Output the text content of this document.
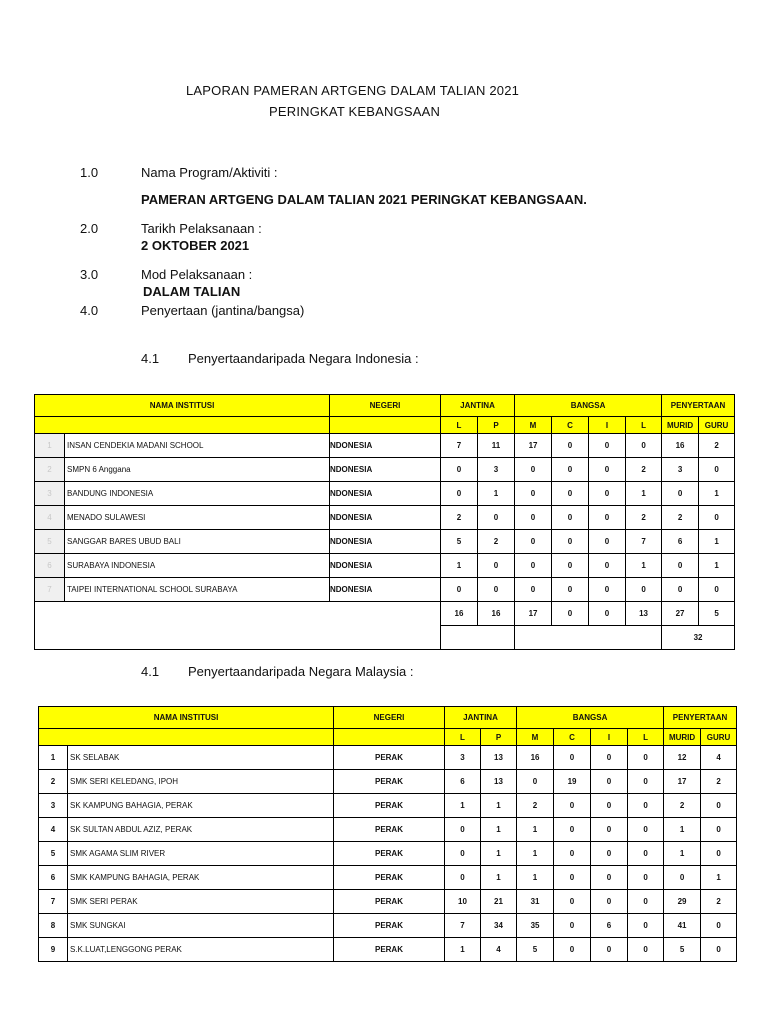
LAPORAN PAMERAN ARTGENG DALAM TALIAN 2021
PERINGKAT KEBANGSAAN
1.0	Nama Program/Aktiviti :
PAMERAN ARTGENG DALAM TALIAN 2021 PERINGKAT KEBANGSAAN.
2.0	Tarikh Pelaksanaan :
2 OKTOBER 2021
3.0	Mod Pelaksanaan :
DALAM TALIAN
4.0	Penyertaan (jantina/bangsa)
4.1 Penyertaandaripada Negara Indonesia :
NAMA INSTITUSI		NEGERI	JANTINA		BANGSA				PENYERTAAN	
			L	P	M	C	I	L	MURID	GURU
1	INSAN CENDEKIA MADANI SCHOOL	NDONESIA	7	11	17	0	0	0	16	2
2	SMPN 6 Anggana	NDONESIA	0	3	0	0	0	2	3	0
3	BANDUNG INDONESIA	NDONESIA	0	1	0	0	0	1	0	1
4	MENADO SULAWESI	NDONESIA	2	0	0	0	0	2	2	0
5	SANGGAR BARES UBUD BALI	NDONESIA	5	2	0	0	0	7	6	1
6	SURABAYA INDONESIA	NDONESIA	1	0	0	0	0	1	0	1
7	TAIPEI INTERNATIONAL SCHOOL SURABAYA	NDONESIA	0	0	0	0	0	0	0	0
			16	16	17	0	0	13	27	5
									32	
4.1 Penyertaandaripada Negara Malaysia :
NAMA INSTITUSI		NEGERI	JANTINA		BANGSA				PENYERTAAN	
			L	P	M	C	I	L	MURID	GURU
1	SK SELABAK	PERAK	3	13	16	0	0	0	12	4
2	SMK SERI KELEDANG, IPOH	PERAK	6	13	0	19	0	0	17	2
3	SK KAMPUNG BAHAGIA, PERAK	PERAK	1	1	2	0	0	0	2	0
4	SK SULTAN ABDUL AZIZ, PERAK	PERAK	0	1	1	0	0	0	1	0
5	SMK AGAMA SLIM RIVER	PERAK	0	1	1	0	0	0	1	0
6	SMK KAMPUNG BAHAGIA, PERAK	PERAK	0	1	1	0	0	0	0	1
7	SMK SERI PERAK	PERAK	10	21	31	0	0	0	29	2
8	SMK SUNGKAI	PERAK	7	34	35	0	6	0	41	0
9	S.K.LUAT,LENGGONG PERAK	PERAK	1	4	5	0	0	0	5	0
